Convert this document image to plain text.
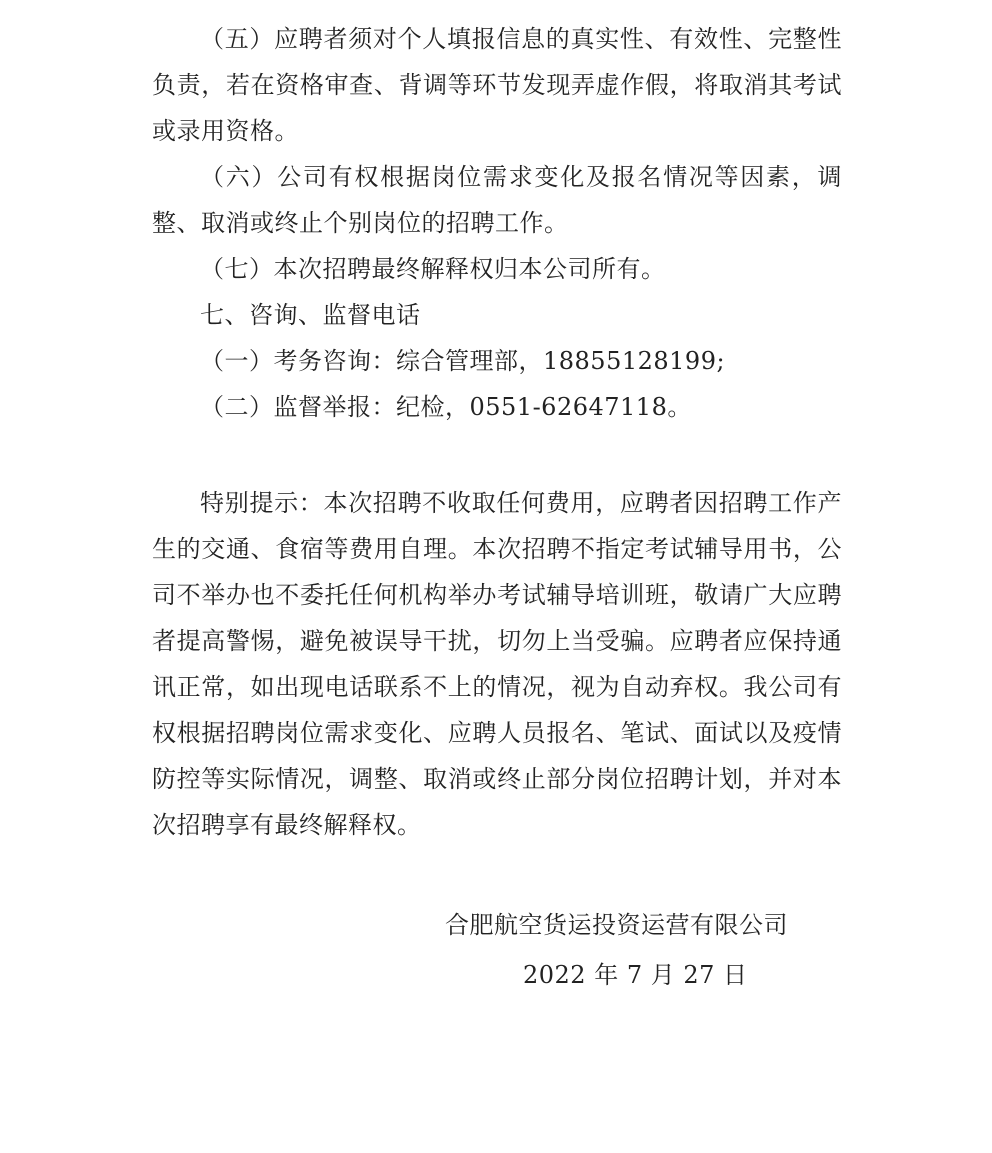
（五）应聘者须对个人填报信息的真实性、有效性、完整性负责，若在资格审查、背调等环节发现弄虚作假，将取消其考试或录用资格。

（六）公司有权根据岗位需求变化及报名情况等因素，调整、取消或终止个别岗位的招聘工作。

（七）本次招聘最终解释权归本公司所有。

七、咨询、监督电话

（一）考务咨询：综合管理部，18855128199;

（二）监督举报：纪检，0551-62647118。

特别提示：本次招聘不收取任何费用，应聘者因招聘工作产生的交通、食宿等费用自理。本次招聘不指定考试辅导用书，公司不举办也不委托任何机构举办考试辅导培训班，敬请广大应聘者提高警惕，避免被误导干扰，切勿上当受骗。应聘者应保持通讯正常，如出现电话联系不上的情况，视为自动弃权。我公司有权根据招聘岗位需求变化、应聘人员报名、笔试、面试以及疫情防控等实际情况，调整、取消或终止部分岗位招聘计划，并对本次招聘享有最终解释权。

合肥航空货运投资运营有限公司
2022 年 7 月 27 日
